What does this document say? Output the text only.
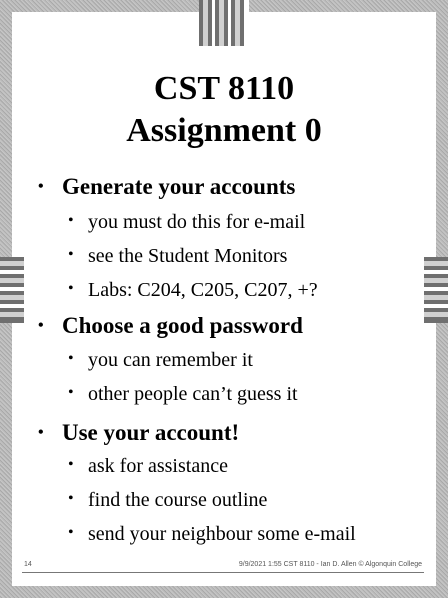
CST 8110
Assignment 0
• Generate your accounts
• you must do this for e-mail
• see the Student Monitors
• Labs: C204, C205, C207, +?
• Choose a good password
• you can remember it
• other people can’t guess it
• Use your account!
• ask for assistance
• find the course outline
• send your neighbour some e-mail
14	9/9/2021 1:55 CST 8110 - Ian D. Allen © Algonquin College
